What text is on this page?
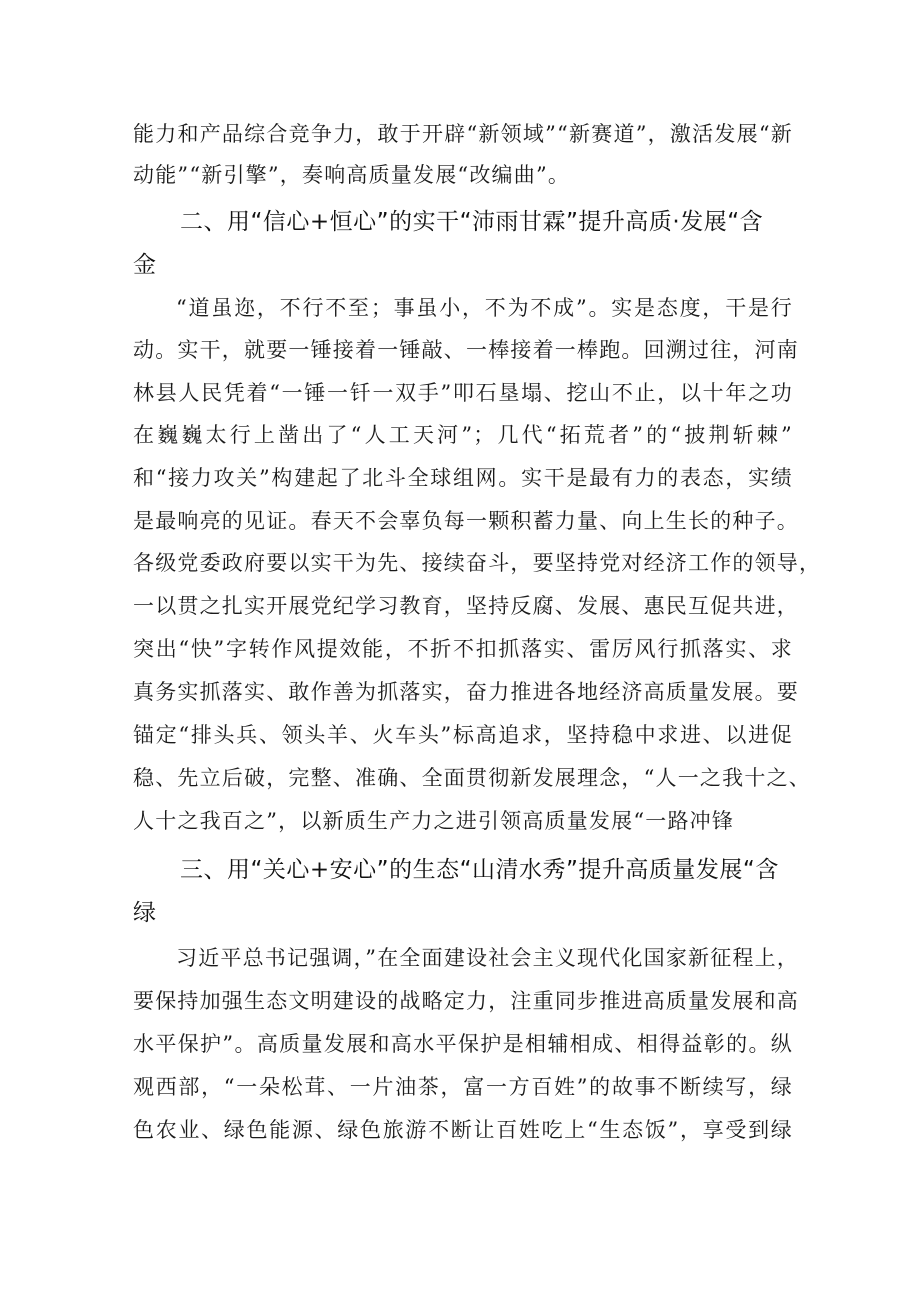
能力和产品综合竞争力，敢于开辟“新领域”“新赛道”，激活发展“新
动能”“新引擎”，奏响高质量发展“改编曲”。
二、用“信心+恒心”的实干“沛雨甘霖”提升高质·发展“含
金
“道虽迩，不行不至；事虽小，不为不成”。实是态度，干是行
动。实干，就要一锤接着一锤敲、一棒接着一棒跑。回溯过往，河南
林县人民凭着“一锤一钎一双手”叩石垦塌、挖山不止，以十年之功
在巍巍太行上凿出了“人工天河”；几代“拓荒者”的“披荆斩棘”
和“接力攻关”构建起了北斗全球组网。实干是最有力的表态，实绩
是最响亮的见证。春天不会辜负每一颗积蓄力量、向上生长的种子。
各级党委政府要以实干为先、接续奋斗，要坚持党对经济工作的领导，
一以贯之扎实开展党纪学习教育，坚持反腐、发展、惠民互促共进，
突出“快”字转作风提效能，不折不扣抓落实、雷厉风行抓落实、求
真务实抓落实、敢作善为抓落实，奋力推进各地经济高质量发展。要
锚定“排头兵、领头羊、火车头”标高追求，坚持稳中求进、以进促
稳、先立后破，完整、准确、全面贯彻新发展理念，“人一之我十之、
人十之我百之”，以新质生产力之进引领高质量发展“一路冲锋
三、用“关心+安心”的生态“山清水秀”提升高质量发展“含
绿
习近平总书记强调，”在全面建设社会主义现代化国家新征程上，
要保持加强生态文明建设的战略定力，注重同步推进高质量发展和高
水平保护”。高质量发展和高水平保护是相辅相成、相得益彰的。纵
观西部，“一朵松茸、一片油茶，富一方百姓”的故事不断续写，绿
色农业、绿色能源、绿色旅游不断让百姓吃上“生态饭”，享受到绿
